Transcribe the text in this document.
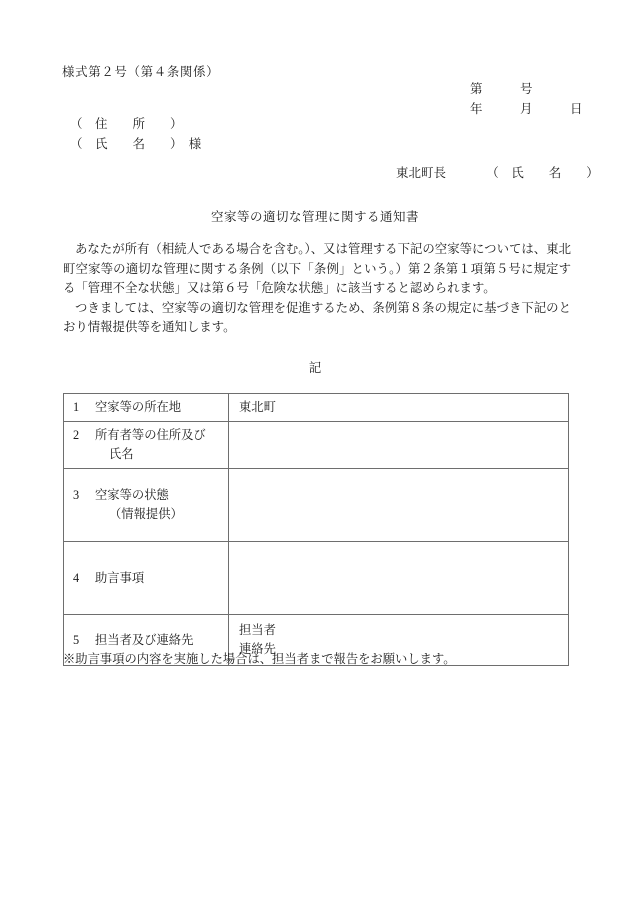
様式第２号（第４条関係）
第　　　号
年　　　月　　　日
（　住　　所　　）
（　氏　　名　　）　様
東北町長	（　氏　　名　　）
空家等の適切な管理に関する通知書

あなたが所有（相続人である場合を含む。）、又は管理する下記の空家等については、東北町空家等の適切な管理に関する条例（以下「条例」という。）第２条第１項第５号に規定する「管理不全な状態」又は第６号「危険な状態」に該当すると認められます。

つきましては、空家等の適切な管理を促進するため、条例第８条の規定に基づき下記のとおり情報提供等を通知します。

記
1 空家等の所在地	東北町

2 所有者等の住所及び
氏名	

3 空家等の状態
（情報提供）	

4 助言事項	

5 担当者及び連絡先	担当者
連絡先
※助言事項の内容を実施した場合は、担当者まで報告をお願いします。
